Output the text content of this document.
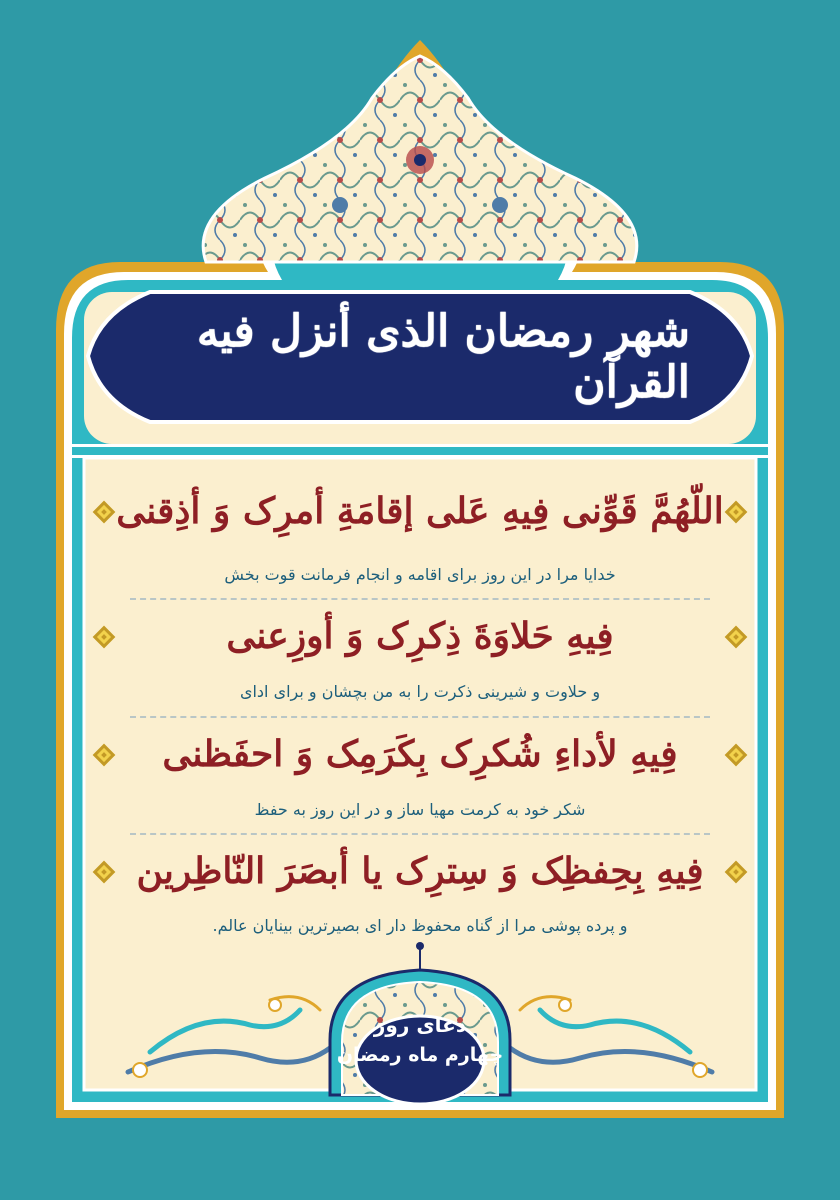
شهر رمضان الذی أنزل فیه القرآن
اللّهُمَّ قَوِّنی فِیهِ عَلی إقامَةِ أمرِک وَ أذِقنی
خدایا مرا در این روز برای اقامه و انجام فرمانت قوت بخش
فِیهِ حَلاوَةَ ذِکرِک وَ أوزِعنی
و حلاوت و شیرینی ذکرت را به من بچشان و برای ادای
فِیهِ لأداءِ شُکرِک بِکَرَمِک وَ احفَظنی
شکر خود به کرمت مهیا ساز و در این روز به حفظ
فِیهِ بِحِفظِک وَ سِترِک یا أبصَرَ النّاظِرین
و پرده پوشی مرا از گناه محفوظ دار ای بصیرترین بینایان عالم.
دعای روز
چهارم ماه رمضان
